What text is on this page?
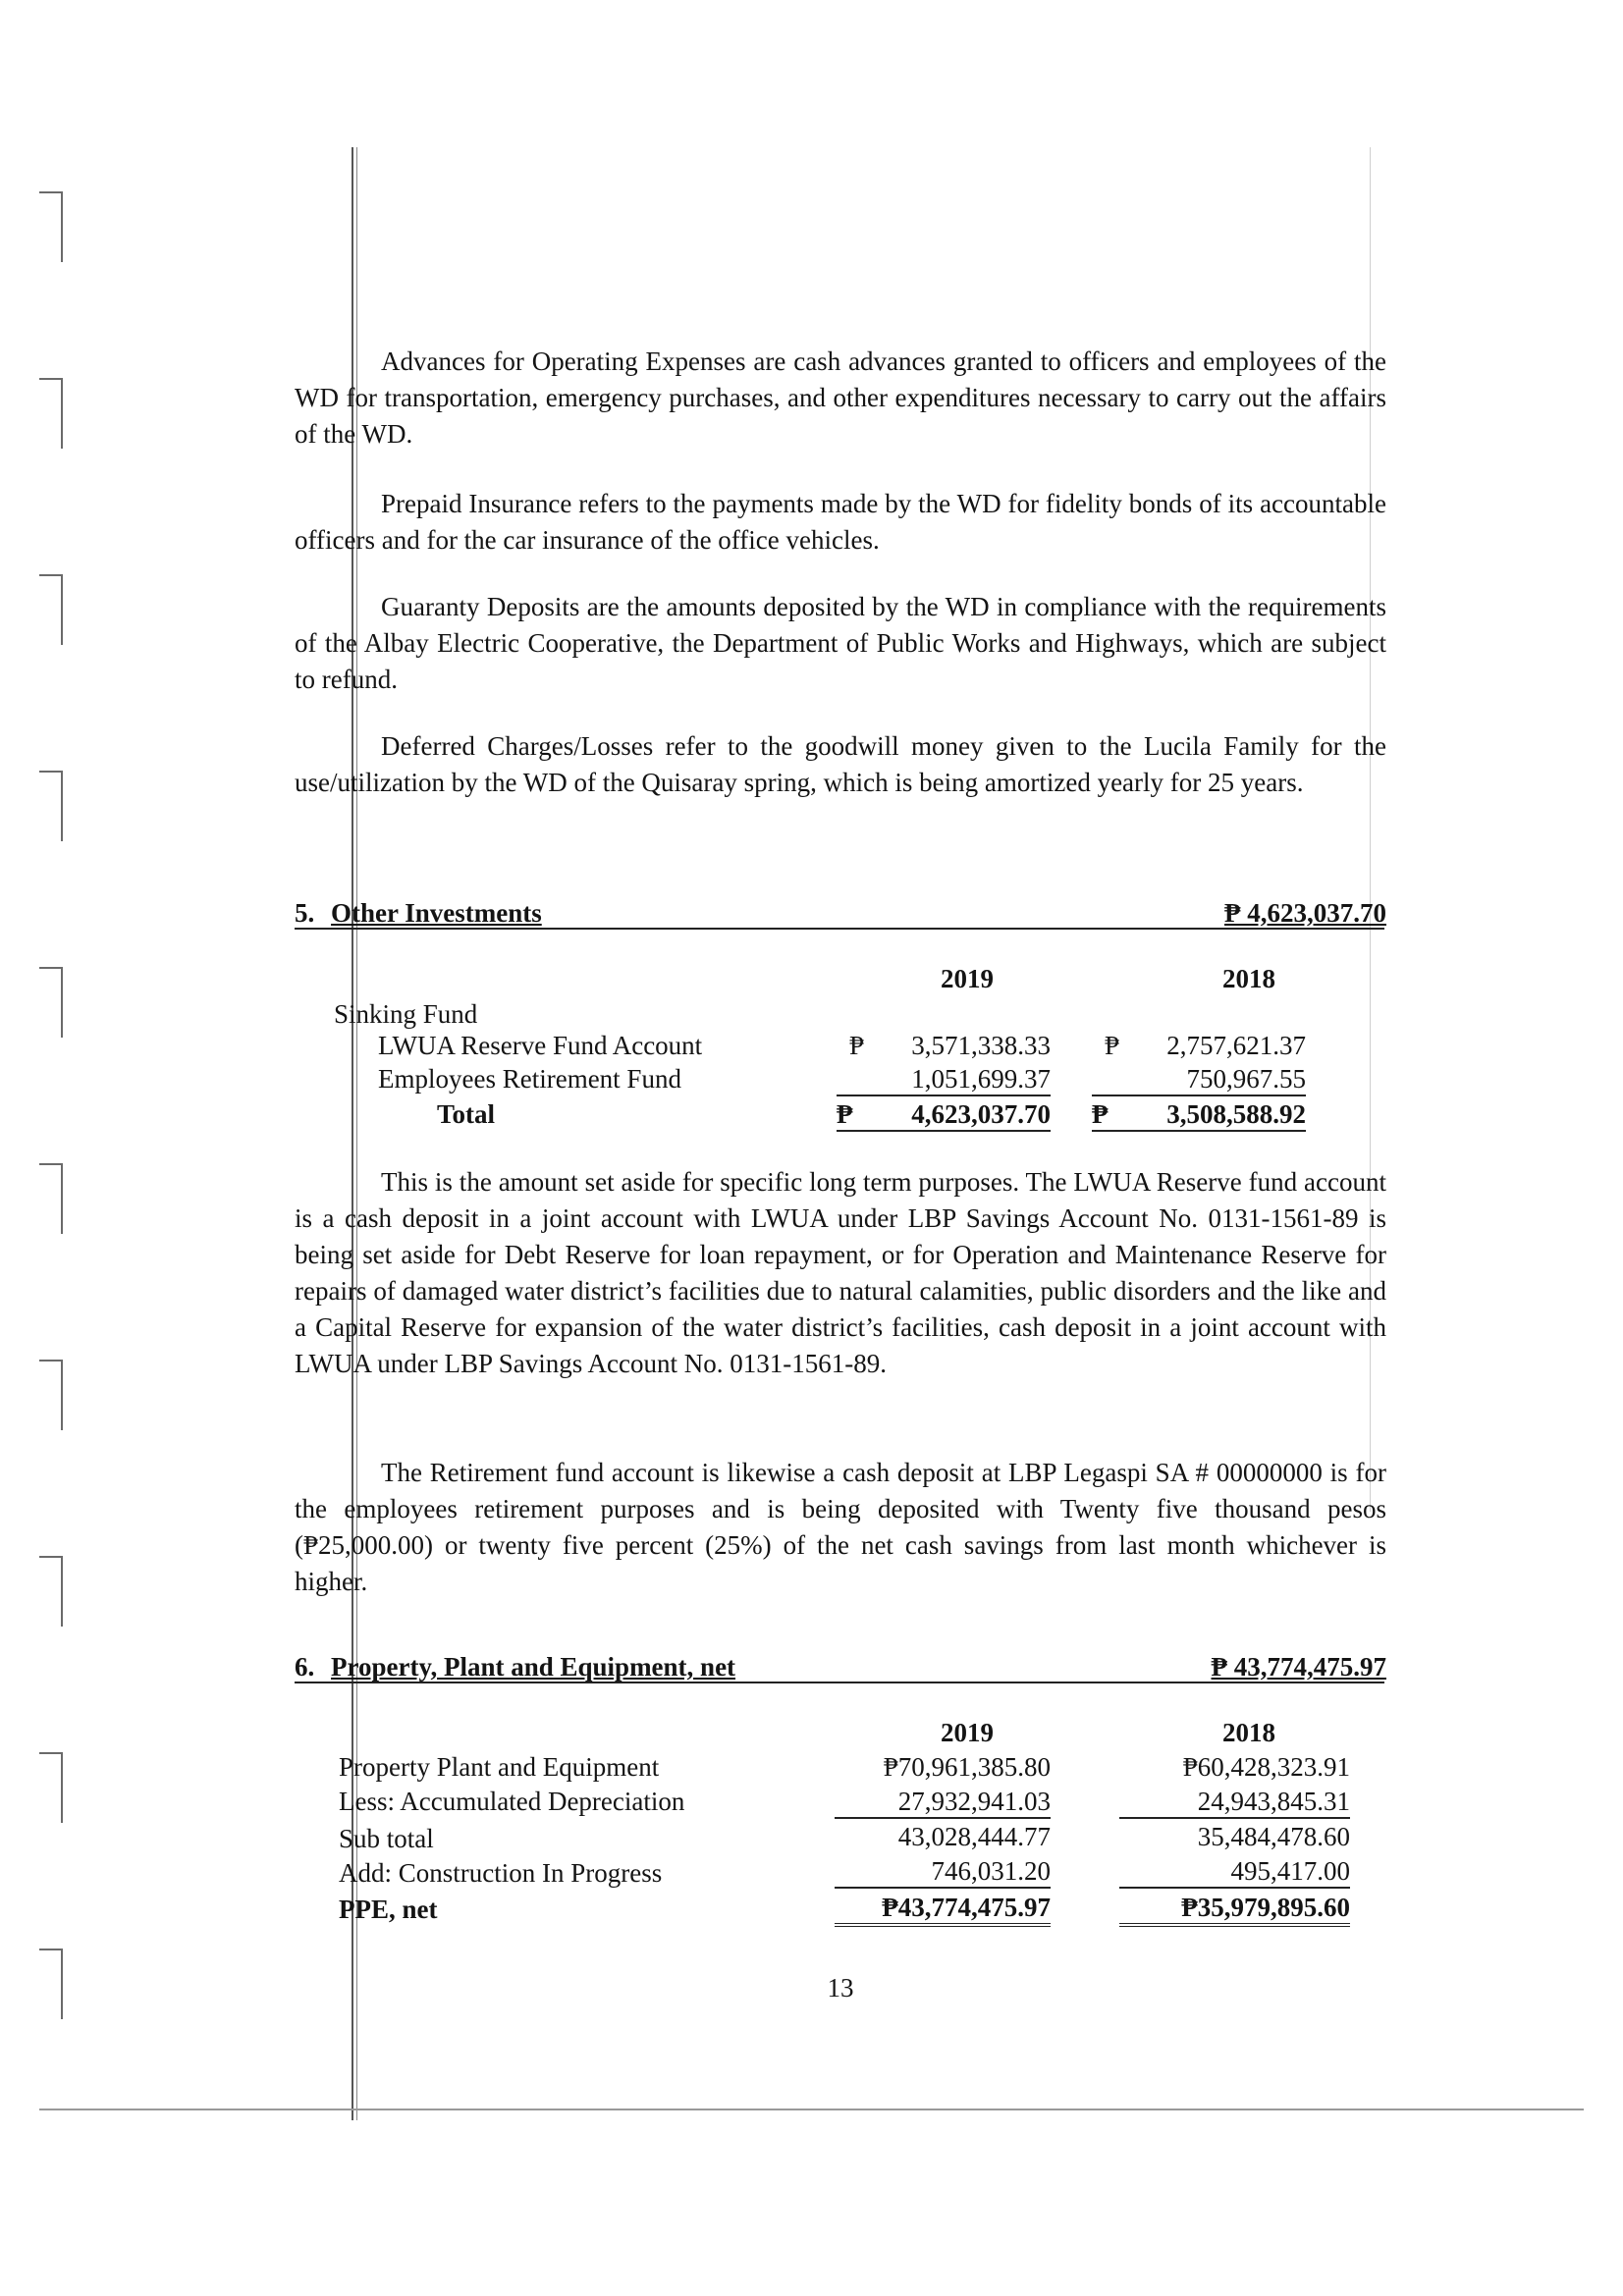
Advances for Operating Expenses are cash advances granted to officers and employees of the WD for transportation, emergency purchases, and other expenditures necessary to carry out the affairs of the WD.
Prepaid Insurance refers to the payments made by the WD for fidelity bonds of its accountable officers and for the car insurance of the office vehicles.
Guaranty Deposits are the amounts deposited by the WD in compliance with the requirements of the Albay Electric Cooperative, the Department of Public Works and Highways, which are subject to refund.
Deferred Charges/Losses refer to the goodwill money given to the Lucila Family for the use/utilization by the WD of the Quisaray spring, which is being amortized yearly for 25 years.
5. Other Investments	₱ 4,623,037.70
2019	2018
Sinking Fund
LWUA Reserve Fund Account	₱	3,571,338.33 ₱	2,757,621.37
Employees Retirement Fund	1,051,699.37	750,967.55
Total	₱ 4,623,037.70 ₱ 3,508,588.92
This is the amount set aside for specific long term purposes. The LWUA Reserve fund account is a cash deposit in a joint account with LWUA under LBP Savings Account No. 0131-1561-89 is being set aside for Debt Reserve for loan repayment, or for Operation and Maintenance Reserve for repairs of damaged water district’s facilities due to natural calamities, public disorders and the like and a Capital Reserve for expansion of the water district’s facilities, cash deposit in a joint account with LWUA under LBP Savings Account No. 0131-1561-89.
The Retirement fund account is likewise a cash deposit at LBP Legaspi SA # 00000000 is for the employees retirement purposes and is being deposited with Twenty five thousand pesos (₱25,000.00) or twenty five percent (25%) of the net cash savings from last month whichever is higher.
6. Property, Plant and Equipment, net	₱ 43,774,475.97
2019	2018
Property Plant and Equipment	₱70,961,385.80	₱60,428,323.91
Less: Accumulated Depreciation	27,932,941.03	24,943,845.31
Sub total	43,028,444.77	35,484,478.60
Add: Construction In Progress	746,031.20	495,417.00
PPE, net	₱43,774,475.97	₱35,979,895.60
13
